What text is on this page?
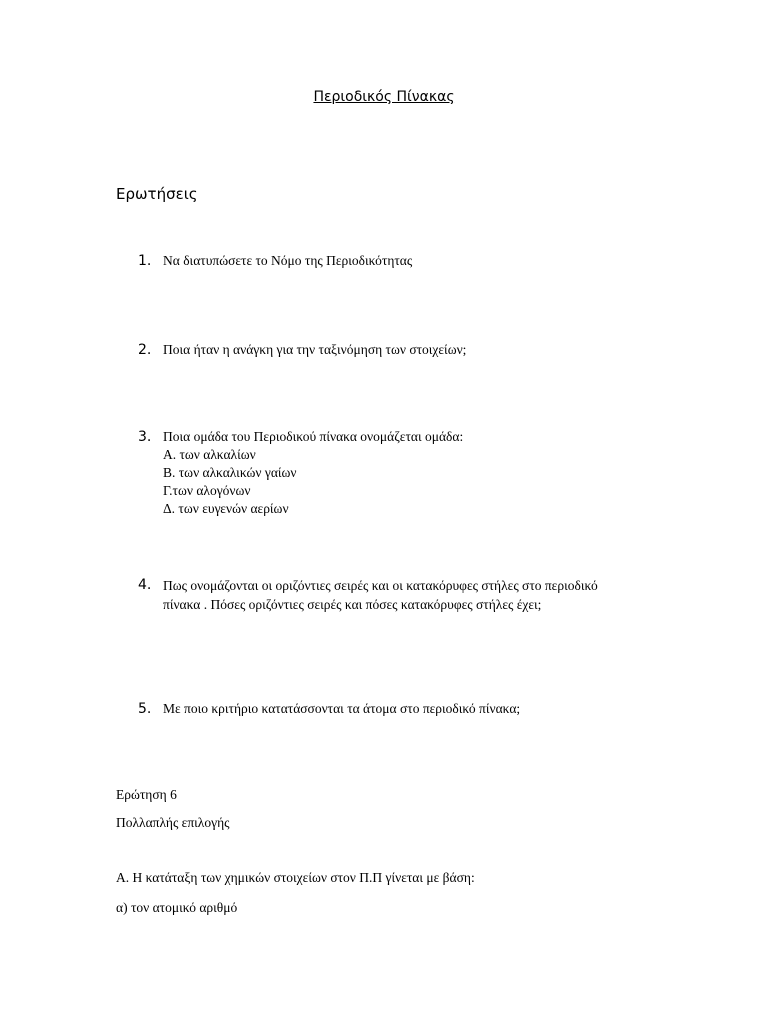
Περιοδικός Πίνακας
Ερωτήσεις
1. Να διατυπώσετε το Νόμο της Περιοδικότητας
2. Ποια ήταν η ανάγκη για την ταξινόμηση των στοιχείων;
3. Ποια ομάδα του Περιοδικού πίνακα ονομάζεται ομάδα:
Α. των αλκαλίων
Β. των αλκαλικών γαίων
Γ.των αλογόνων
Δ. των ευγενών αερίων
4. Πως ονομάζονται οι οριζόντιες σειρές και οι κατακόρυφες στήλες στο περιοδικό πίνακα . Πόσες οριζόντιες σειρές και πόσες κατακόρυφες στήλες έχει;
5. Με ποιο κριτήριο κατατάσσονται τα άτομα στο περιοδικό πίνακα;
Ερώτηση 6
Πολλαπλής επιλογής
Α. Η κατάταξη των χημικών στοιχείων στον Π.Π γίνεται με βάση:
α) τον ατομικό αριθμό
